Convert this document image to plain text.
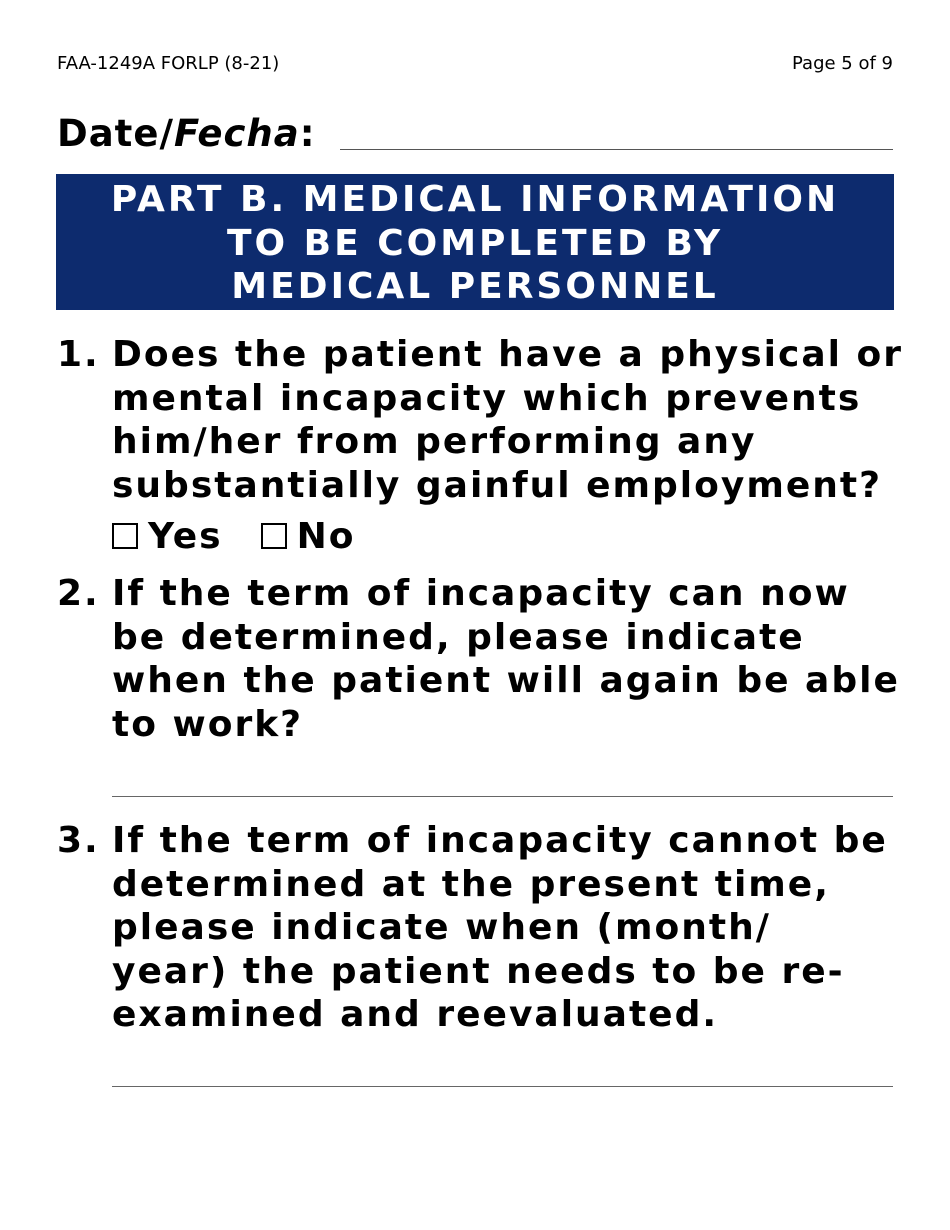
FAA-1249A FORLP (8-21)	Page 5 of 9
Date/Fecha:
PART B. MEDICAL INFORMATION
TO BE COMPLETED BY
MEDICAL PERSONNEL
1. Does the patient have a physical or
mental incapacity which prevents
him/her from performing any
substantially gainful employment?
Yes No
2. If the term of incapacity can now
be determined, please indicate
when the patient will again be able
to work?
3. If the term of incapacity cannot be
determined at the present time,
please indicate when (month/
year) the patient needs to be re-
examined and reevaluated.
